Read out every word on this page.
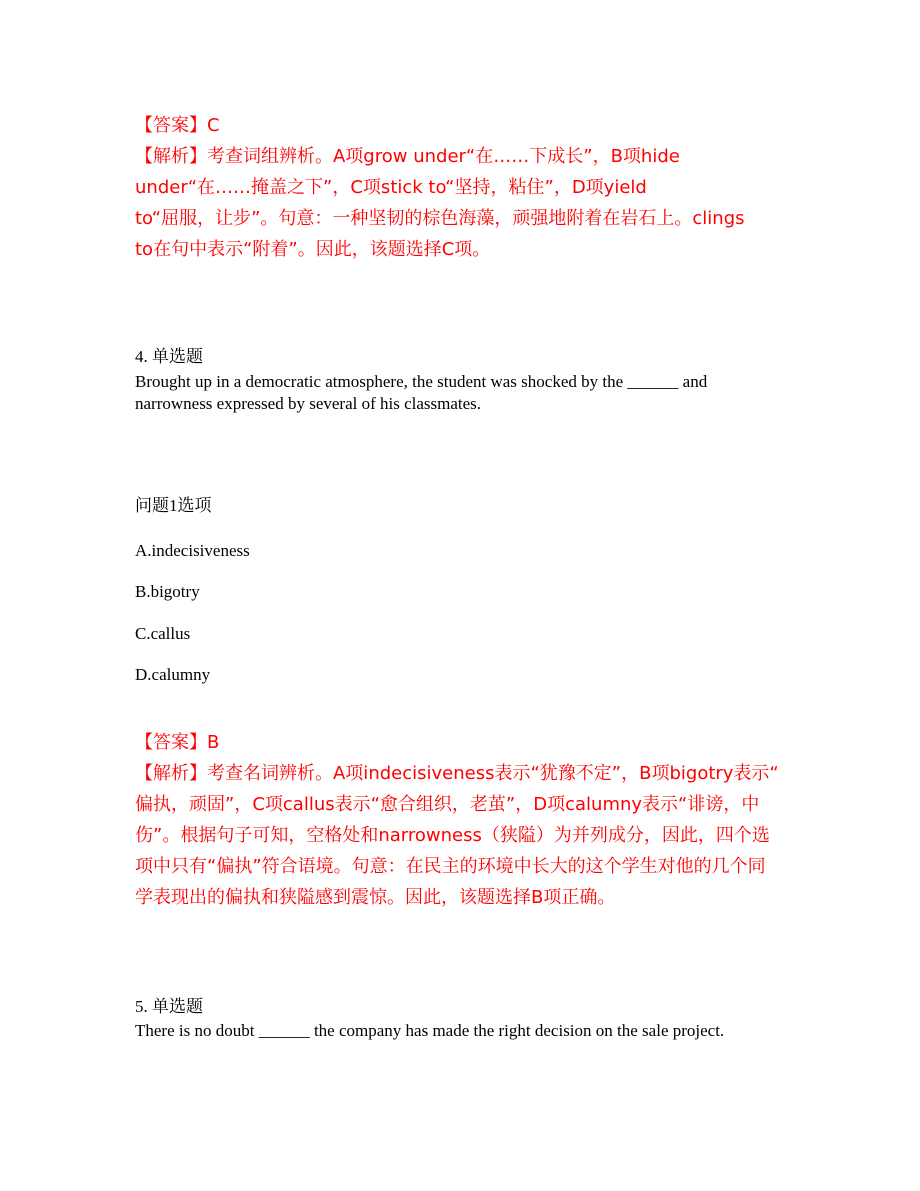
【答案】C
【解析】考查词组辨析。A项grow under“在……下成长”，B项hide
under“在……掩盖之下”，C项stick to“坚持，粘住”，D项yield
to“屈服，让步”。句意：一种坚韧的棕色海藻，顽强地附着在岩石上。clings
to在句中表示“附着”。因此，该题选择C项。
4. 单选题
Brought up in a democratic atmosphere, the student was shocked by the ______ and
narrowness expressed by several of his classmates.
问题1选项
A.indecisiveness
B.bigotry
C.callus
D.calumny
【答案】B
【解析】考查名词辨析。A项indecisiveness表示“犹豫不定”，B项bigotry表示“
偏执，顽固”，C项callus表示“愈合组织，老茧”，D项calumny表示“诽谤，中
伤”。根据句子可知，空格处和narrowness（狭隘）为并列成分，因此，四个选
项中只有“偏执”符合语境。句意：在民主的环境中长大的这个学生对他的几个同
学表现出的偏执和狭隘感到震惊。因此，该题选择B项正确。
5. 单选题
There is no doubt ______ the company has made the right decision on the sale project.
